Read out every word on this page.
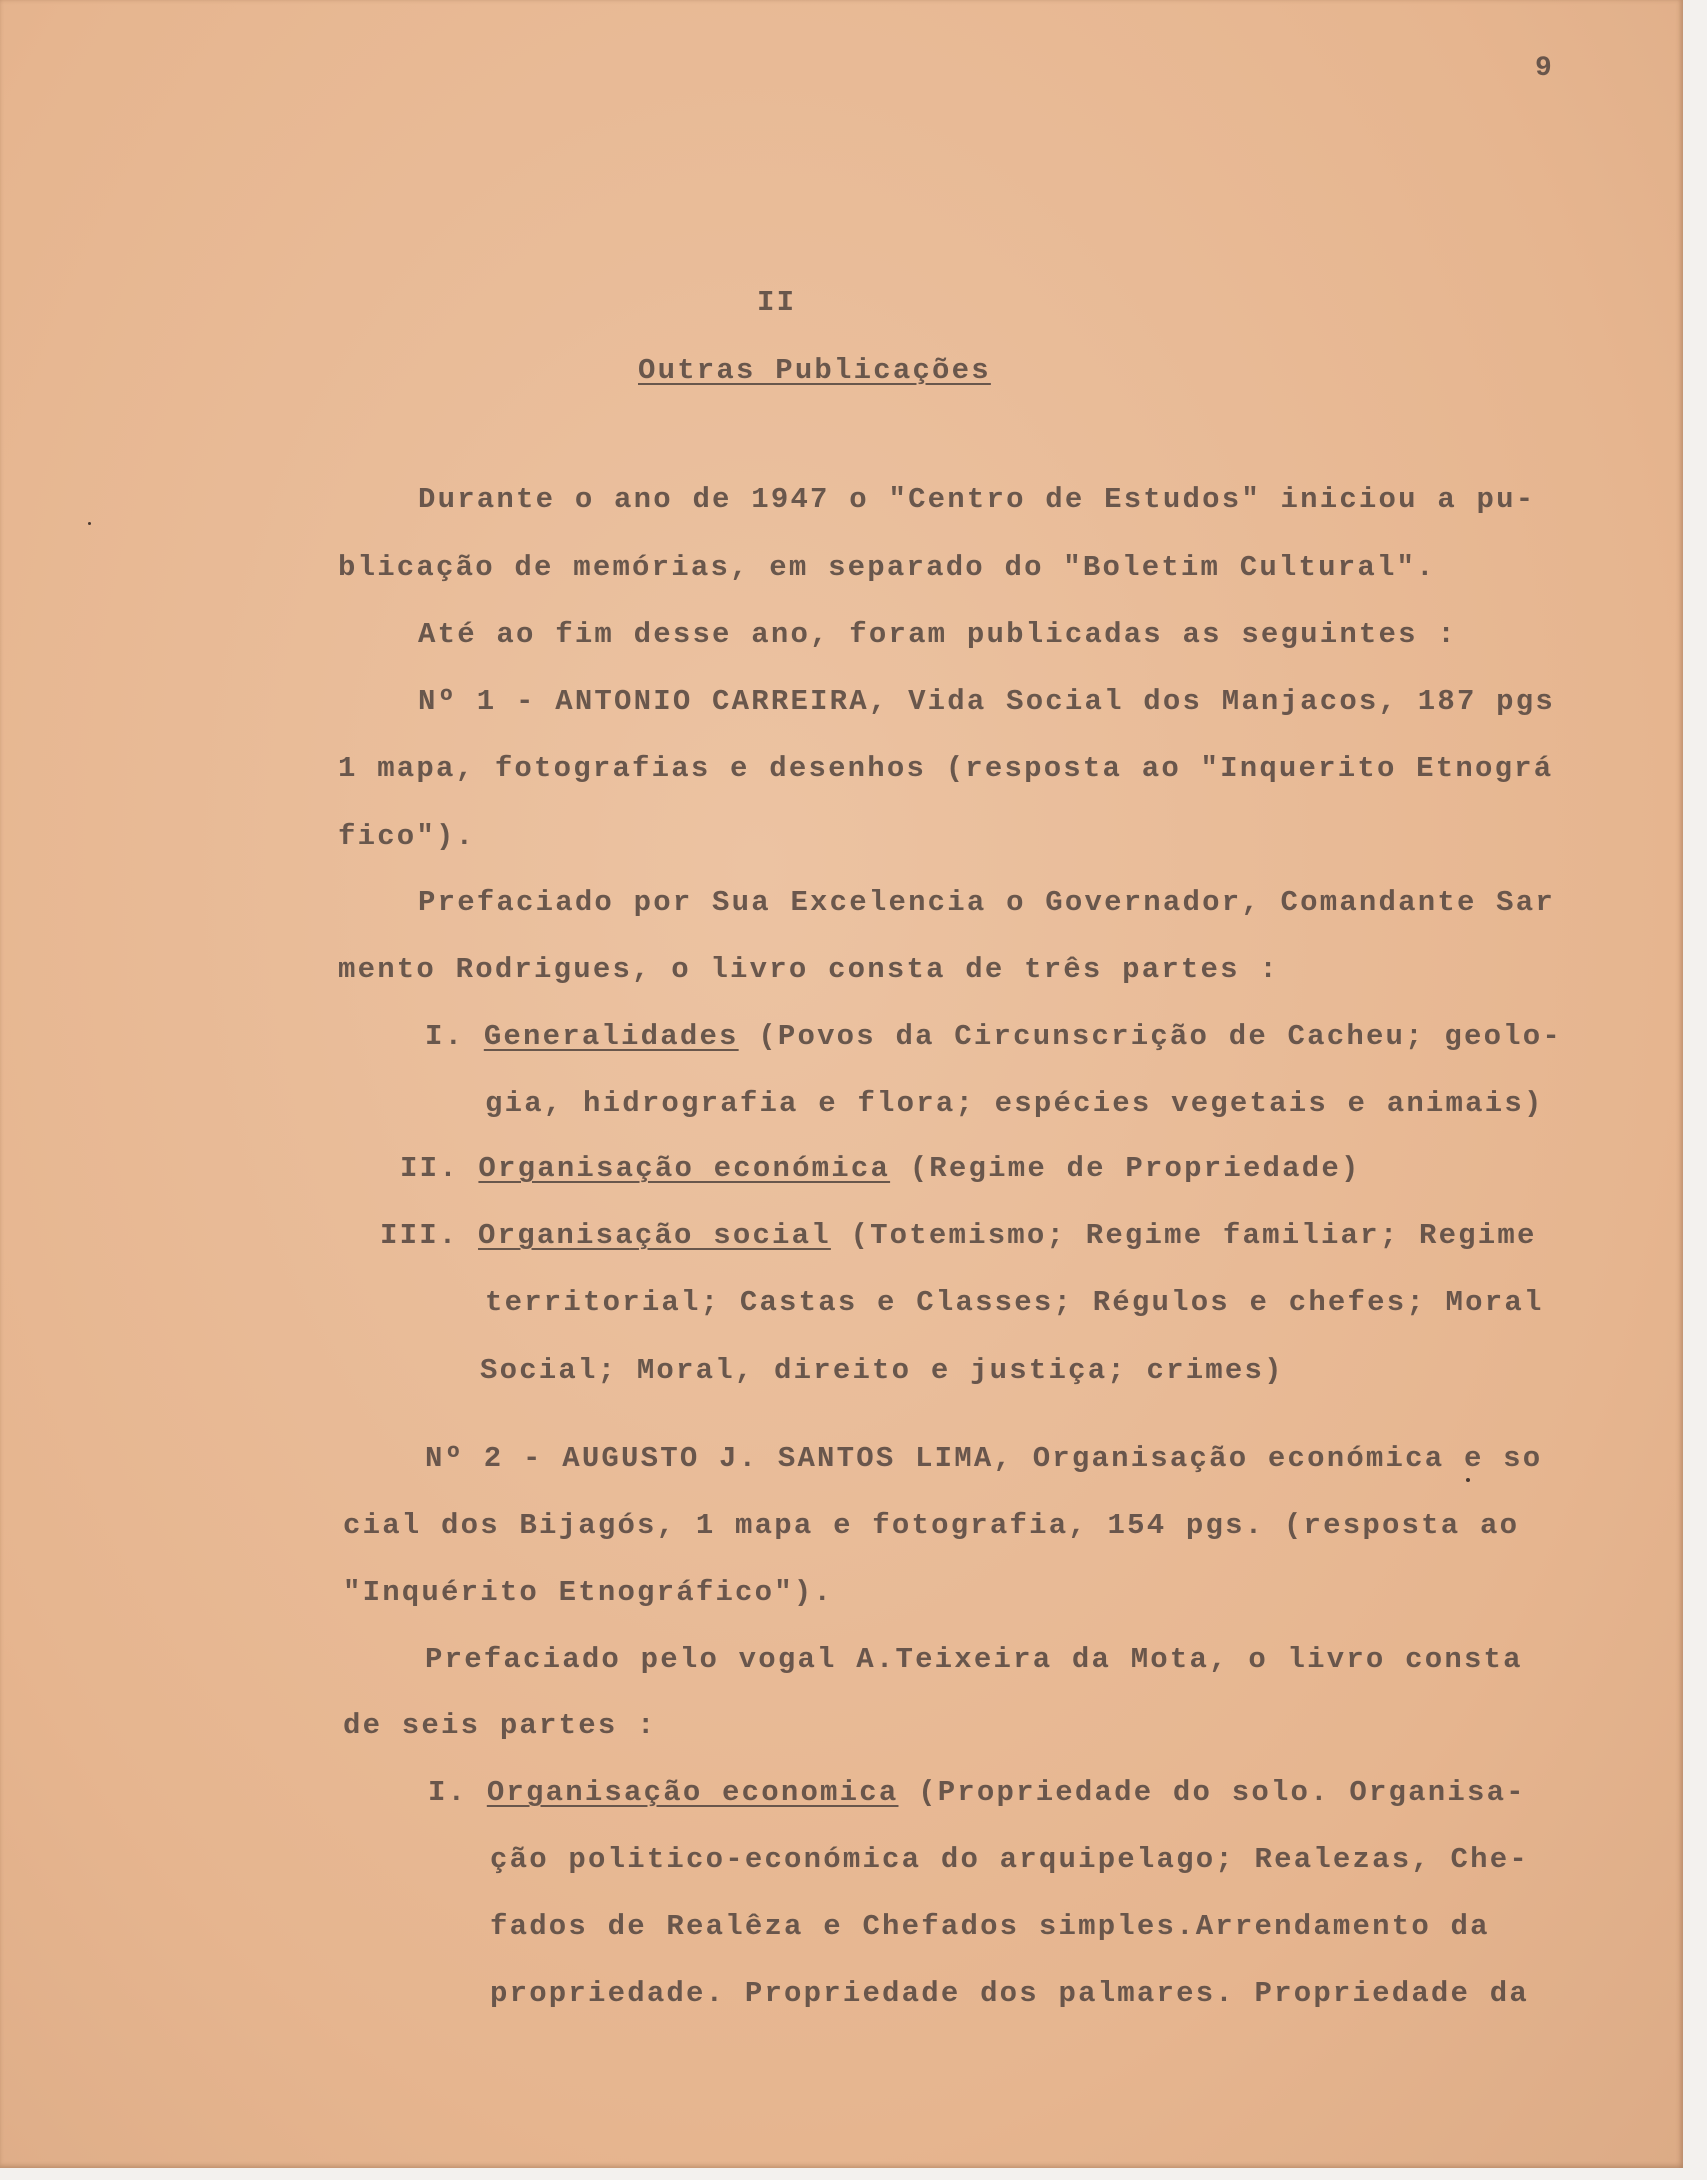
9
II
Outras Publicações
Durante o ano de 1947 o "Centro de Estudos" iniciou a pu-
blicação de memórias, em separado do "Boletim Cultural".
Até ao fim desse ano, foram publicadas as seguintes :
Nº 1 - ANTONIO CARREIRA, Vida Social dos Manjacos, 187 pgs
1 mapa, fotografias e desenhos (resposta ao "Inquerito Etnográ
fico").
Prefaciado por Sua Excelencia o Governador, Comandante Sar
mento Rodrigues, o livro consta de três partes :
I. Generalidades (Povos da Circunscrição de Cacheu; geolo-
gia, hidrografia e flora; espécies vegetais e animais)
II. Organisação económica (Regime de Propriedade)
III. Organisação social (Totemismo; Regime familiar; Regime
territorial; Castas e Classes; Régulos e chefes; Moral
Social; Moral, direito e justiça; crimes)
Nº 2 - AUGUSTO J. SANTOS LIMA, Organisação económica e so
cial dos Bijagós, 1 mapa e fotografia, 154 pgs. (resposta ao
"Inquérito Etnográfico").
Prefaciado pelo vogal A.Teixeira da Mota, o livro consta
de seis partes :
I. Organisação economica (Propriedade do solo. Organisa-
ção politico-económica do arquipelago; Realezas, Che-
fados de Realêza e Chefados simples.Arrendamento da
propriedade. Propriedade dos palmares. Propriedade da
